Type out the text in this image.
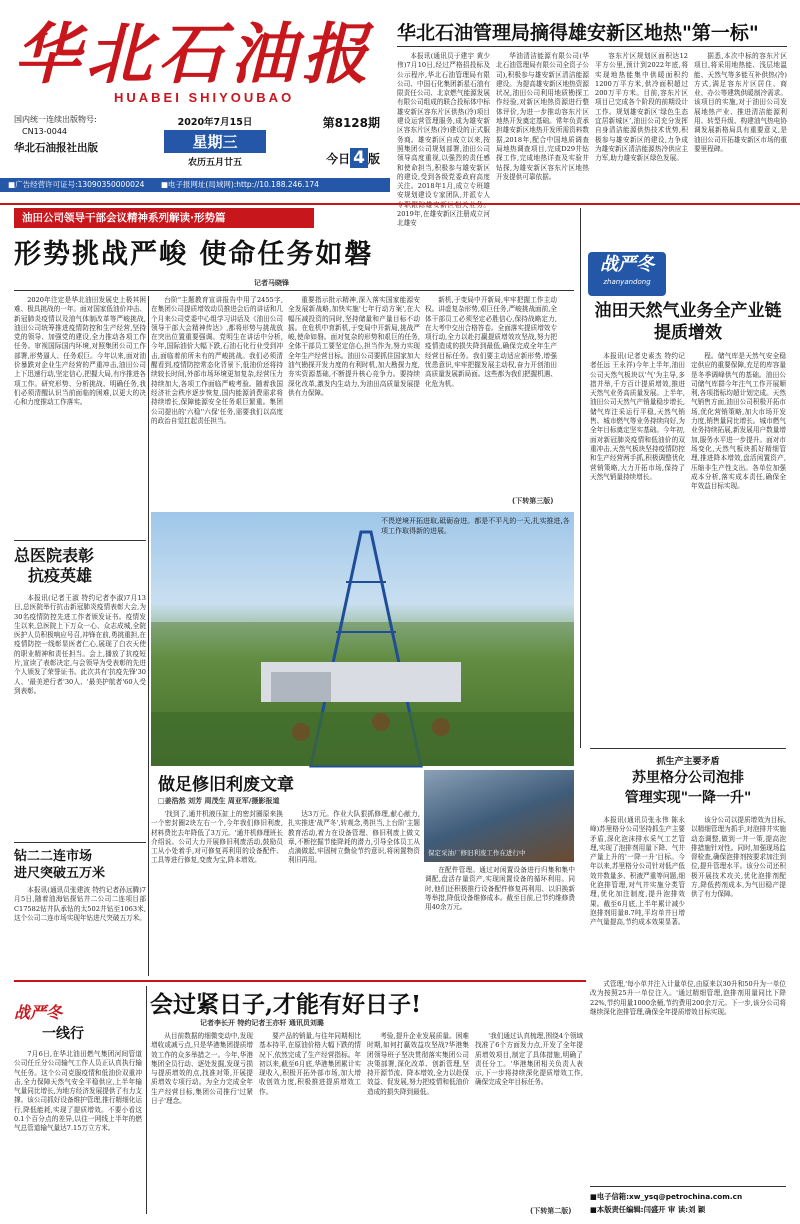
华北石油报
HUABEI SHIYOUBAO
国内统一连续出版物号:
CN13-0044
华北石油报社出版
2020年7月15日
星期三
农历五月廿五
第8128期
今日 4 版
■广告经营许可证号:13090350000024 ■电子报网址(局域网):http://10.188.246.174
华北石油管理局摘得雄安新区地热"第一标"

本报讯(通讯员于建宇 黄少伟)7月10日,经过严格招投标及公示程序,华北石油管理局有限公司、中国石化集团新星石油有限责任公司、北京燃气能源发展有限公司组成的联合投标体中标雄安新区容东片区供热(冷)项目建设运营管理服务,成为雄安新区容东片区热(冷)建设的正式服务商。雄安新区自成立以来,按照集团公司规划部署,油田公司领导高度重视,以强烈的责任感和使命担当,积极参与雄安新区的建设,受到各级党委政府高度关注。2018年1月,成立专班雄安规划建设专家团队,并派专人 2019年,在雄安新区注册成立河北雄安

华油清洁能源有限公司(华北石油管理局有限公司全资子公司),积极参与雄安新区清洁能源建设。为提高雄安新区地热资源状况,油田公司利用地质勘探工作经验,对新区地热资源进行整体评价,为进一步推动容东片区地热开发奠定基础。常年负责承担雄安新区地热开发所需资料数据,2018年,配合中国地质调查局地热调查项目,完成D29井钻探工作,完成地热详查及实验井钻探,为雄安新区容东片区地热开发提供可靠依据。

容东片区规划区面积达12平方公里,预计到2022年底,将实现地热能集中供暖面积约1200万平方米,供冷面积超过200万平方米。目前,容东片区项目已完成各个阶段的前期设计工作。规划雄安新区‘绿色生态宜居新城区’,油田公司充分发挥自身清洁能源供热技术优势,积极参与雄安新区的建设,力争成为雄安新区清洁能源热冷供应主力军,助力雄安新区绿色发展。

据悉,本次中标的容东片区项目,将采用地热能、浅层地温能、天然气等多能互补供热(冷)方式,满足容东片区居住、商业、办公等建筑供暖制冷需求。该项目的实施,对于油田公司发展地热产业、推进清洁能源利用、转型升级、构建油气热电协调发展新格局具有重要意义,是油田公司开拓雄安新区市场的重要里程碑。

油田公司领导干部会议精神系列解读·形势篇
形势挑战严峻 使命任务如磐
记者马晓锋

2020年注定是华北油田发展史上极其困难、极具挑战的一年。面对国家低油价冲击、新冠肺炎疫情以及油气体制改革等严峻挑战,油田公司统筹推进疫情防控和生产经营,坚持党的领导、加强党的建设,全力推动各项工作任务。审视国际国内环境,对照集团公司工作部署,形势逼人、任务艰巨。今年以来,面对油价暴跌对企业生产经营的严重冲击,油田公司上下迅速行动,坚定信心,把握大局,有序推进各项工作。研究形势、分析挑战、明确任务,我们必须清醒认识当前面临的困难,以更大的决心和力度推动工作落实。

台阶"主题教育宣讲报告中用了2455字,在集团公司提质增效动员推进会后的讲话和几个月来公司党委中心组学习讲话及《油田公司领导干部大会精神传达》,都将形势与挑战放在突出位置重要强调。党明生在讲话中分析,今年,国际油价大幅下跌,石油石化行业受到冲击,面临着前所未有的严峻挑战。我们必须清醒看到,疫情防控常态化背景下,低油价还将持续较长时间,外部市场环境更加复杂,经营压力持续加大,各项工作面临严峻考验。随着我国经济社会秩序逐步恢复,国内能源消费需求将持续增长,保障能源安全任务艰巨繁重。集团公司提出的'六稳''六保'任务,需要我们以高度的政治自觉扛起责任担当。

重要指示批示精神,深入落实国家能源安全发展新战略,加快实施'七年行动方案',在大幅压减投资的同时,坚持储量和产量目标不动摇。在危机中育新机,于变局中开新局,挑战严峻,使命如磐。面对复杂的形势和艰巨的任务,全体干部员工要坚定信心,担当作为,努力实现全年生产经营目标。油田公司要抓住国家加大油气勘探开发力度的有利时机,加大勘探力度,夯实资源基础,不断提升核心竞争力。要持续深化改革,激发内生动力,为油田高质量发展提供有力保障。

新机,于变局中开新局,牢牢把握工作主动权。讲虚复杂形势,艰巨任务,严峻挑战面前,全体干部员工必须坚定必胜信心,保持战略定力,在大考中交出合格答卷。全面落实提质增效专项行动,全力以赴打赢提质增效攻坚战,努力把疫情造成的损失降到最低,确保完成全年生产经营目标任务。我们要主动适应新形势,增强忧患意识,牢牢把握发展主动权,奋力开创油田高质量发展新局面。这些都为我们把握机遇、化危为机。

(下转第三版)
不畏逆境开拓进取,砥砺奋进。都是不平凡的一天,扎实推进,各项工作取得新的进展。
战严冬
zhanyandong
油田天然气业务全产业链提质增效

本报讯(记者史素杰 特约记者任远 王永祥)今年上半年,油田公司天然气板块以'气'为主导,多措并举,千方百计提质增效,推进天然气业务高质量发展。上半年,油田公司天然气产销量稳步增长,储气库注采运行平稳,天然气销售、城市燃气等业务持续向好,为全年目标奠定坚实基础。今年初,面对新冠肺炎疫情和低油价的双重冲击,天然气板块坚持疫情防控和生产经营两手抓,积极调整优化营销策略,大力开拓市场,保持了天然气销量持续增长。

程。储气库是天然气安全稳定供应的重要保障,充足的库容量是冬季调峰供气的基础。油田公司储气库群今年注气工作开展顺利,各项指标均超计划完成。天然气销售方面,油田公司积极开拓市场,优化营销策略,加大市场开发力度,销售量同比增长。城市燃气业务持续拓展,新发展用户数量增加,服务水平进一步提升。面对市场变化,天然气板块抓好精细管理,推进降本增效,盘活闲置资产,压缩非生产性支出。各单位加强成本分析,落实成本责任,确保全年效益目标实现。

总医院表彰
抗疫英雄

本报讯(记者王淑 特约记者李淑)7月13日,总医院举行抗击新冠肺炎疫情表彰大会,为30名疫情防控先进工作者颁发证书。疫情发生以来,总医院上下万众一心、众志成城,全院医护人员积极响应号召,冲锋在前,勇挑重担,在疫情防控一线彰显医者仁心,展现了白衣天使的职业精神和责任担当。会上,播放了抗疫短片,宣读了表彰决定,与会领导为受表彰的先进个人颁发了荣誉证书。此次共有'抗疫先锋'30人、'最美逆行者'30人、'最美护航者'60人受到表彰。

钻二二连市场
进尺突破五万米

本报讯(通讯员张建波 特约记者孙远腾)7月5日,随着油海钻探钻井二公司二连项目部C17582钻井队承钻的太502井钻至1063米,这个公司二连市场实现年钻进尺突破五万米。

做足修旧利废文章
□姜浩然 刘芳 周茂生 周亚军/摄影报道
保定采油厂修旧利废工作在进行中

'找到了,通井机液压缸上的密封圈原来换一个密封圈2块左右一个,今年我们修旧利废,材料费比去年降低了3万元。'通井机修理班长介绍说。公司大力开展修旧利废活动,鼓励员工从小处着手,对可修复再利用的设备配件、工具等进行修复,变废为宝,降本增效。

达3万元。作业大队狠抓修理,献心献力,扎实推进'战严冬',转观念,勇担当,上台阶'主题教育活动,着力在设备管理、修旧利废上做文章,不断挖掘节能降耗的潜力,引导全体员工从点滴做起,牢固树立勤俭节约意识,将闲置物资利旧再用。

在配件管理。通过对闲置设备进行归集和集中调配,盘活存量资产,实现闲置设备的循环利用。同时,他们还积极推行设备配件修复再利用、以旧换新等举措,降低设备维修成本。截至目前,已节约维修费用40余万元。

抓生产主要矛盾
苏里格分公司泡排
管理实现"一降一升"

本报讯(通讯员张永伟 陈永峰)苏里格分公司坚持抓生产主要矛盾,深化泡沫排水采气工艺管理,实现了泡排剂用量下降、气井产量上升的'一降一升'目标。今年以来,苏里格分公司针对低产低效井数量多、积液严重等问题,细化泡排管理,对气井实施分类管理,优化加注制度,提升泡排效果。截至6月底,上半年累计减少泡排剂用量8.7吨,平均单井日增产气量提高,节约成本效果显著。

该分公司以提质增效为目标,以精细管理为抓手,对泡排井实施动态调整,做到一井一策,提高泡排措施针对性。同时,加强现场监督检查,确保泡排剂按要求加注到位,提升管理水平。该分公司还积极开展技术攻关,优化泡排剂配方,降低药剂成本,为气田稳产提供了有力保障。

会过紧日子,才能有好日子!
记者李长开 特约记者王亦轩 通讯员刘璐
战严冬
一线行

7月6日,在华北油田燃气集团河间管道公司任丘分公司输气工作人员正认真执行输气任务。这个公司克服疫情和低油价双重冲击,全力保障天然气安全平稳供应,上半年输气量同比增长,为地方经济发展提供了有力支撑。该公司抓好设备维护管理,推行精细化运行,降低能耗,实现了提质增效。不要小看这0.1个百分点的差异,以往一网线上半年的燃气总管道输气量达7.15万立方米。

从目前数据的细微变动中,发现增收或减亏点,只是华港集团提质增效工作的众多举措之一。今年,华港集团全员行动、逐处发掘,发现亏损与提质增效的点,找准对策,开展提质增效专项行动。为全力完成全年生产经营目标,集团公司推行'过紧日子'理念。

要产品的销量,与往年同期相比基本持平,在原油价格大幅下跌的情况下,依然完成了生产经营指标。年初以来,截至6月底,华港集团累计实现收入,积极开拓外部市场,加大增收创效力度,积极推进提质增效工作。

考验,提升企业发展质量。困难时期,如何打赢效益攻坚战?华港集团领导班子坚决贯彻落实集团公司决策部署,深化改革、创新管理,坚持开源节流、降本增效,全力以赴保效益、促发展,努力把疫情和低油价造成的损失降到最低。

'我们通过认真梳理,围绕4个领域找准了6个方面发力点,开发了全年提质增效项目,制定了具体措施,明确了责任分工。'华港集团相关负责人表示,下一步将持续深化提质增效工作,确保完成全年目标任务。

(下转第二版)

式管理,'每小单井注入计量单位,由原来以30升和50升为一单位改为按照25升一单位注入。'通过精细管理,泡排剂用量同比下降22%,节约用量1000余桶,节约费用200余万元。下一步,该分公司将继续深化泡排管理,确保全年提质增效目标实现。

■电子信箱:xw_ysq@petrochina.com.cn
■本版责任编辑:闫盛开 审 读:刘 颖
